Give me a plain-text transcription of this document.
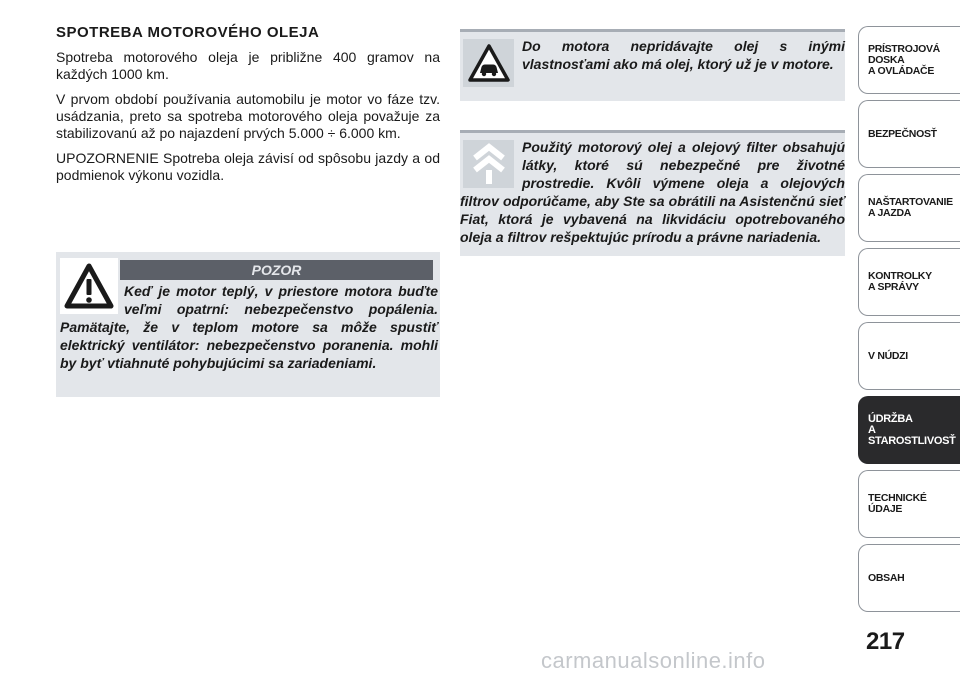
SPOTREBA MOTOROVÉHO OLEJA

Spotreba motorového oleja je približne 400 gramov na každých 1000 km.

V prvom období používania automobilu je motor vo fáze tzv. usádzania, preto sa spotreba motorového oleja považuje za stabilizovanú až po najazdení prvých 5.000 ÷ 6.000 km.

UPOZORNENIE Spotreba oleja závisí od spôsobu jazdy a od podmienok výkonu vozidla.

POZOR
Keď je motor teplý, v priestore motora buďte veľmi opatrní: nebezpečenstvo popálenia. Pamätajte, že v teplom motore sa môže spustiť elektrický ventilátor: nebezpečenstvo poranenia. mohli by byť vtiahnuté pohybujúcimi sa zariadeniami.
Do motora nepridávajte olej s inými vlastnosťami ako má olej, ktorý už je v motore.
Použitý motorový olej a olejový filter obsahujú látky, ktoré sú nebezpečné pre životné prostredie. Kvôli výmene oleja a olejových filtrov odporúčame, aby Ste sa obrátili na Asistenčnú sieť Fiat, ktorá je vybavená na likvidáciu opotrebovaného oleja a filtrov rešpektujúc prírodu a právne nariadenia.
PRÍSTROJOVÁ
DOSKA
A OVLÁDAČE
BEZPEČNOSŤ
NAŠTARTOVANIE
A JAZDA
KONTROLKY
A SPRÁVY
V NÚDZI
ÚDRŽBA
A STAROSTLIVOSŤ
TECHNICKÉ ÚDAJE
OBSAH
217
carmanualsonline.info
